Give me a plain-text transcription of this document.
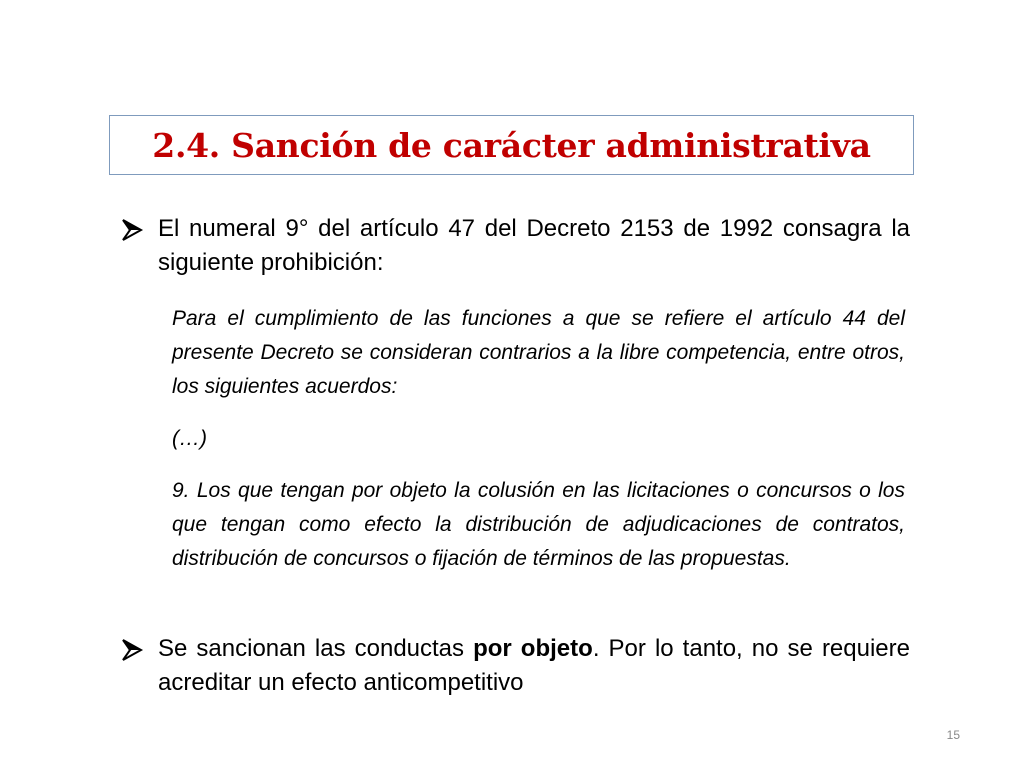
2.4. Sanción de carácter administrativa
El numeral 9° del artículo 47 del Decreto 2153 de 1992 consagra la siguiente prohibición:
Para el cumplimiento de las funciones a que se refiere el artículo 44 del presente Decreto se consideran contrarios a la libre competencia, entre otros, los siguientes acuerdos:
(…)
9. Los que tengan por objeto la colusión en las licitaciones o concursos o los que tengan como efecto la distribución de adjudicaciones de contratos, distribución de concursos o fijación de términos de las propuestas.
Se sancionan las conductas por objeto. Por lo tanto, no se requiere acreditar un efecto anticompetitivo
15
